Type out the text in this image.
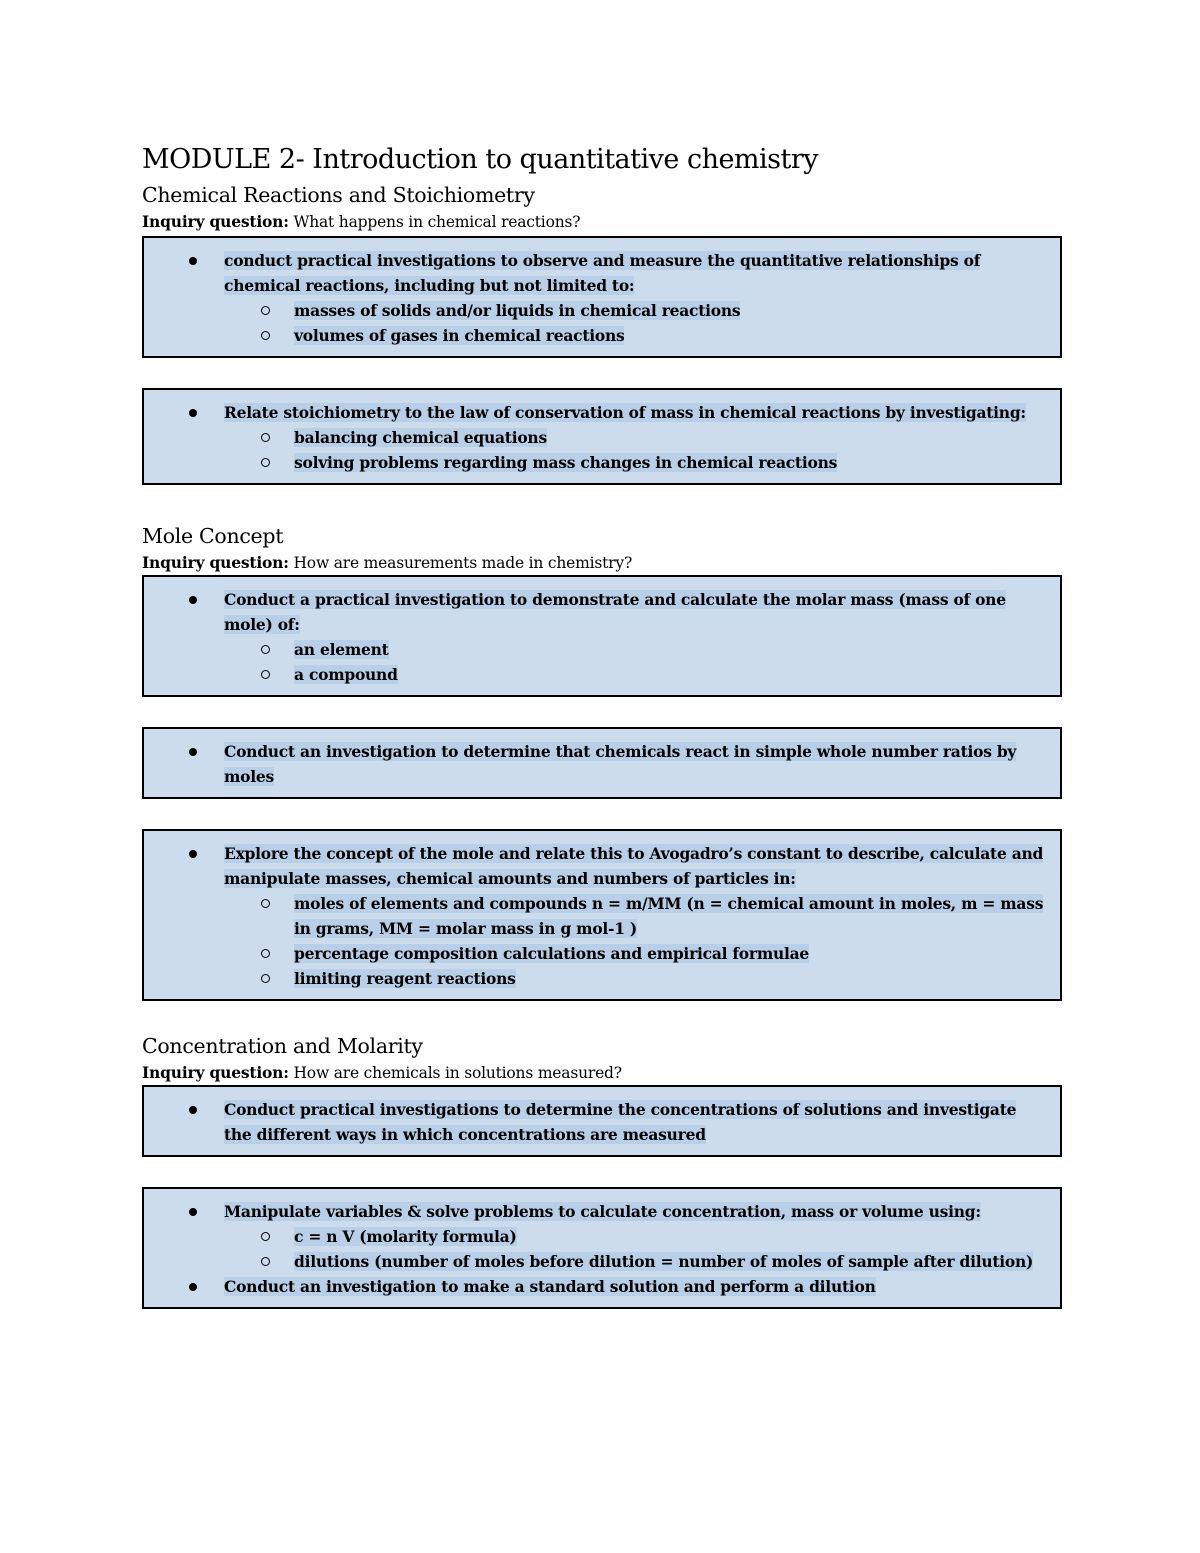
MODULE 2- Introduction to quantitative chemistry
Chemical Reactions and Stoichiometry

Inquiry question: What happens in chemical reactions?

conduct practical investigations to observe and measure the quantitative relationships of chemical reactions, including but not limited to:
masses of solids and/or liquids in chemical reactions
volumes of gases in chemical reactions
Relate stoichiometry to the law of conservation of mass in chemical reactions by investigating:
balancing chemical equations
solving problems regarding mass changes in chemical reactions
Mole Concept

Inquiry question: How are measurements made in chemistry?

Conduct a practical investigation to demonstrate and calculate the molar mass (mass of one mole) of:
an element
a compound
Conduct an investigation to determine that chemicals react in simple whole number ratios by moles
Explore the concept of the mole and relate this to Avogadro’s constant to describe, calculate and manipulate masses, chemical amounts and numbers of particles in:
moles of elements and compounds n = m/MM (n = chemical amount in moles, m = mass in grams, MM = molar mass in g mol-1 )
percentage composition calculations and empirical formulae
limiting reagent reactions
Concentration and Molarity

Inquiry question: How are chemicals in solutions measured?

Conduct practical investigations to determine the concentrations of solutions and investigate the different ways in which concentrations are measured
Manipulate variables & solve problems to calculate concentration, mass or volume using:
c = n V (molarity formula)
dilutions (number of moles before dilution = number of moles of sample after dilution)
Conduct an investigation to make a standard solution and perform a dilution
